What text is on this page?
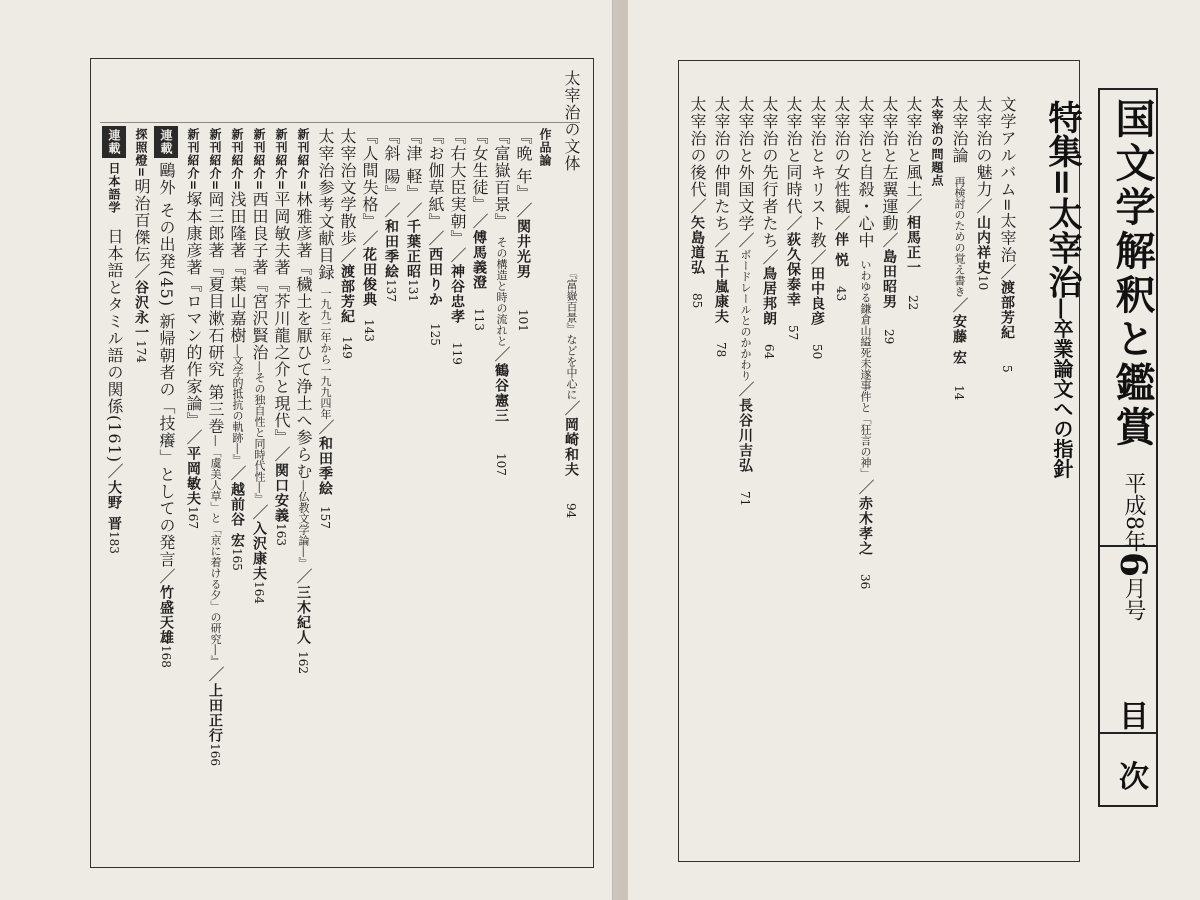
太宰治の文体 『富嶽百景』などを中心に／岡崎和夫 94
作品論
『晩 年』／関井光男 101
『富嶽百景』 その構造と時の流れと／鶴谷憲三 107
『女生徒』／傅馬義澄 113
『右大臣実朝』／神谷忠孝 119
『お伽草紙』／西田りか 125
『津 軽』／千葉正昭131
『斜 陽』／和田季絵137
『人間失格』／花田俊典 143
太宰治文学散歩／渡部芳紀 149
太宰治参考文献目録 一九九二年から一九九四年／和田季絵 157
新刊紹介=林雅彦著『穢土を厭ひて浄土へ参らむ―仏教文学論―』／三木紀人 162
新刊紹介=平岡敏夫著『芥川龍之介と現代』／関口安義163
新刊紹介=西田良子著『宮沢賢治―その独自性と同時代性―』／入沢康夫164
新刊紹介=浅田隆著『葉山嘉樹―文学的抵抗の軌跡―』／越前谷 宏165
新刊紹介=岡三郎著『夏目漱石研究 第三巻―「虞美人草」と「京に着ける夕」の研究―』／上田正行166
新刊紹介=塚本康彦著『ロマン的作家論』／平岡敏夫167
連載鷗外 その出発(45) 新帰朝者の「技癢」としての発言／竹盛天雄168
探照燈=明治百傑伝／谷沢永一174
連載日本語学 日本語とタミル語の関係(161)／大野 晋183
国文学解釈と鑑賞
平成8年6月号
目 次
特集=太宰治―卒業論文への指針
文学アルバム=太宰治／渡部芳紀 5
太宰治の魅力／山内祥史10
太宰治論 再検討のための覚え書き／安藤 宏 14
太宰治の問題点
太宰治と風土／相馬正一 22
太宰治と左翼運動／島田昭男 29
太宰治と自殺・心中 いわゆる鎌倉山縊死未遂事件と「狂言の神」／赤木孝之 36
太宰治の女性観／伴 悦 43
太宰治とキリスト教／田中良彦 50
太宰治と同時代／荻久保泰幸 57
太宰治の先行者たち／鳥居邦朗 64
太宰治と外国文学／ボードレールとのかかわり／長谷川吉弘 71
太宰治の仲間たち／五十嵐康夫 78
太宰治の後代／矢島道弘 85
